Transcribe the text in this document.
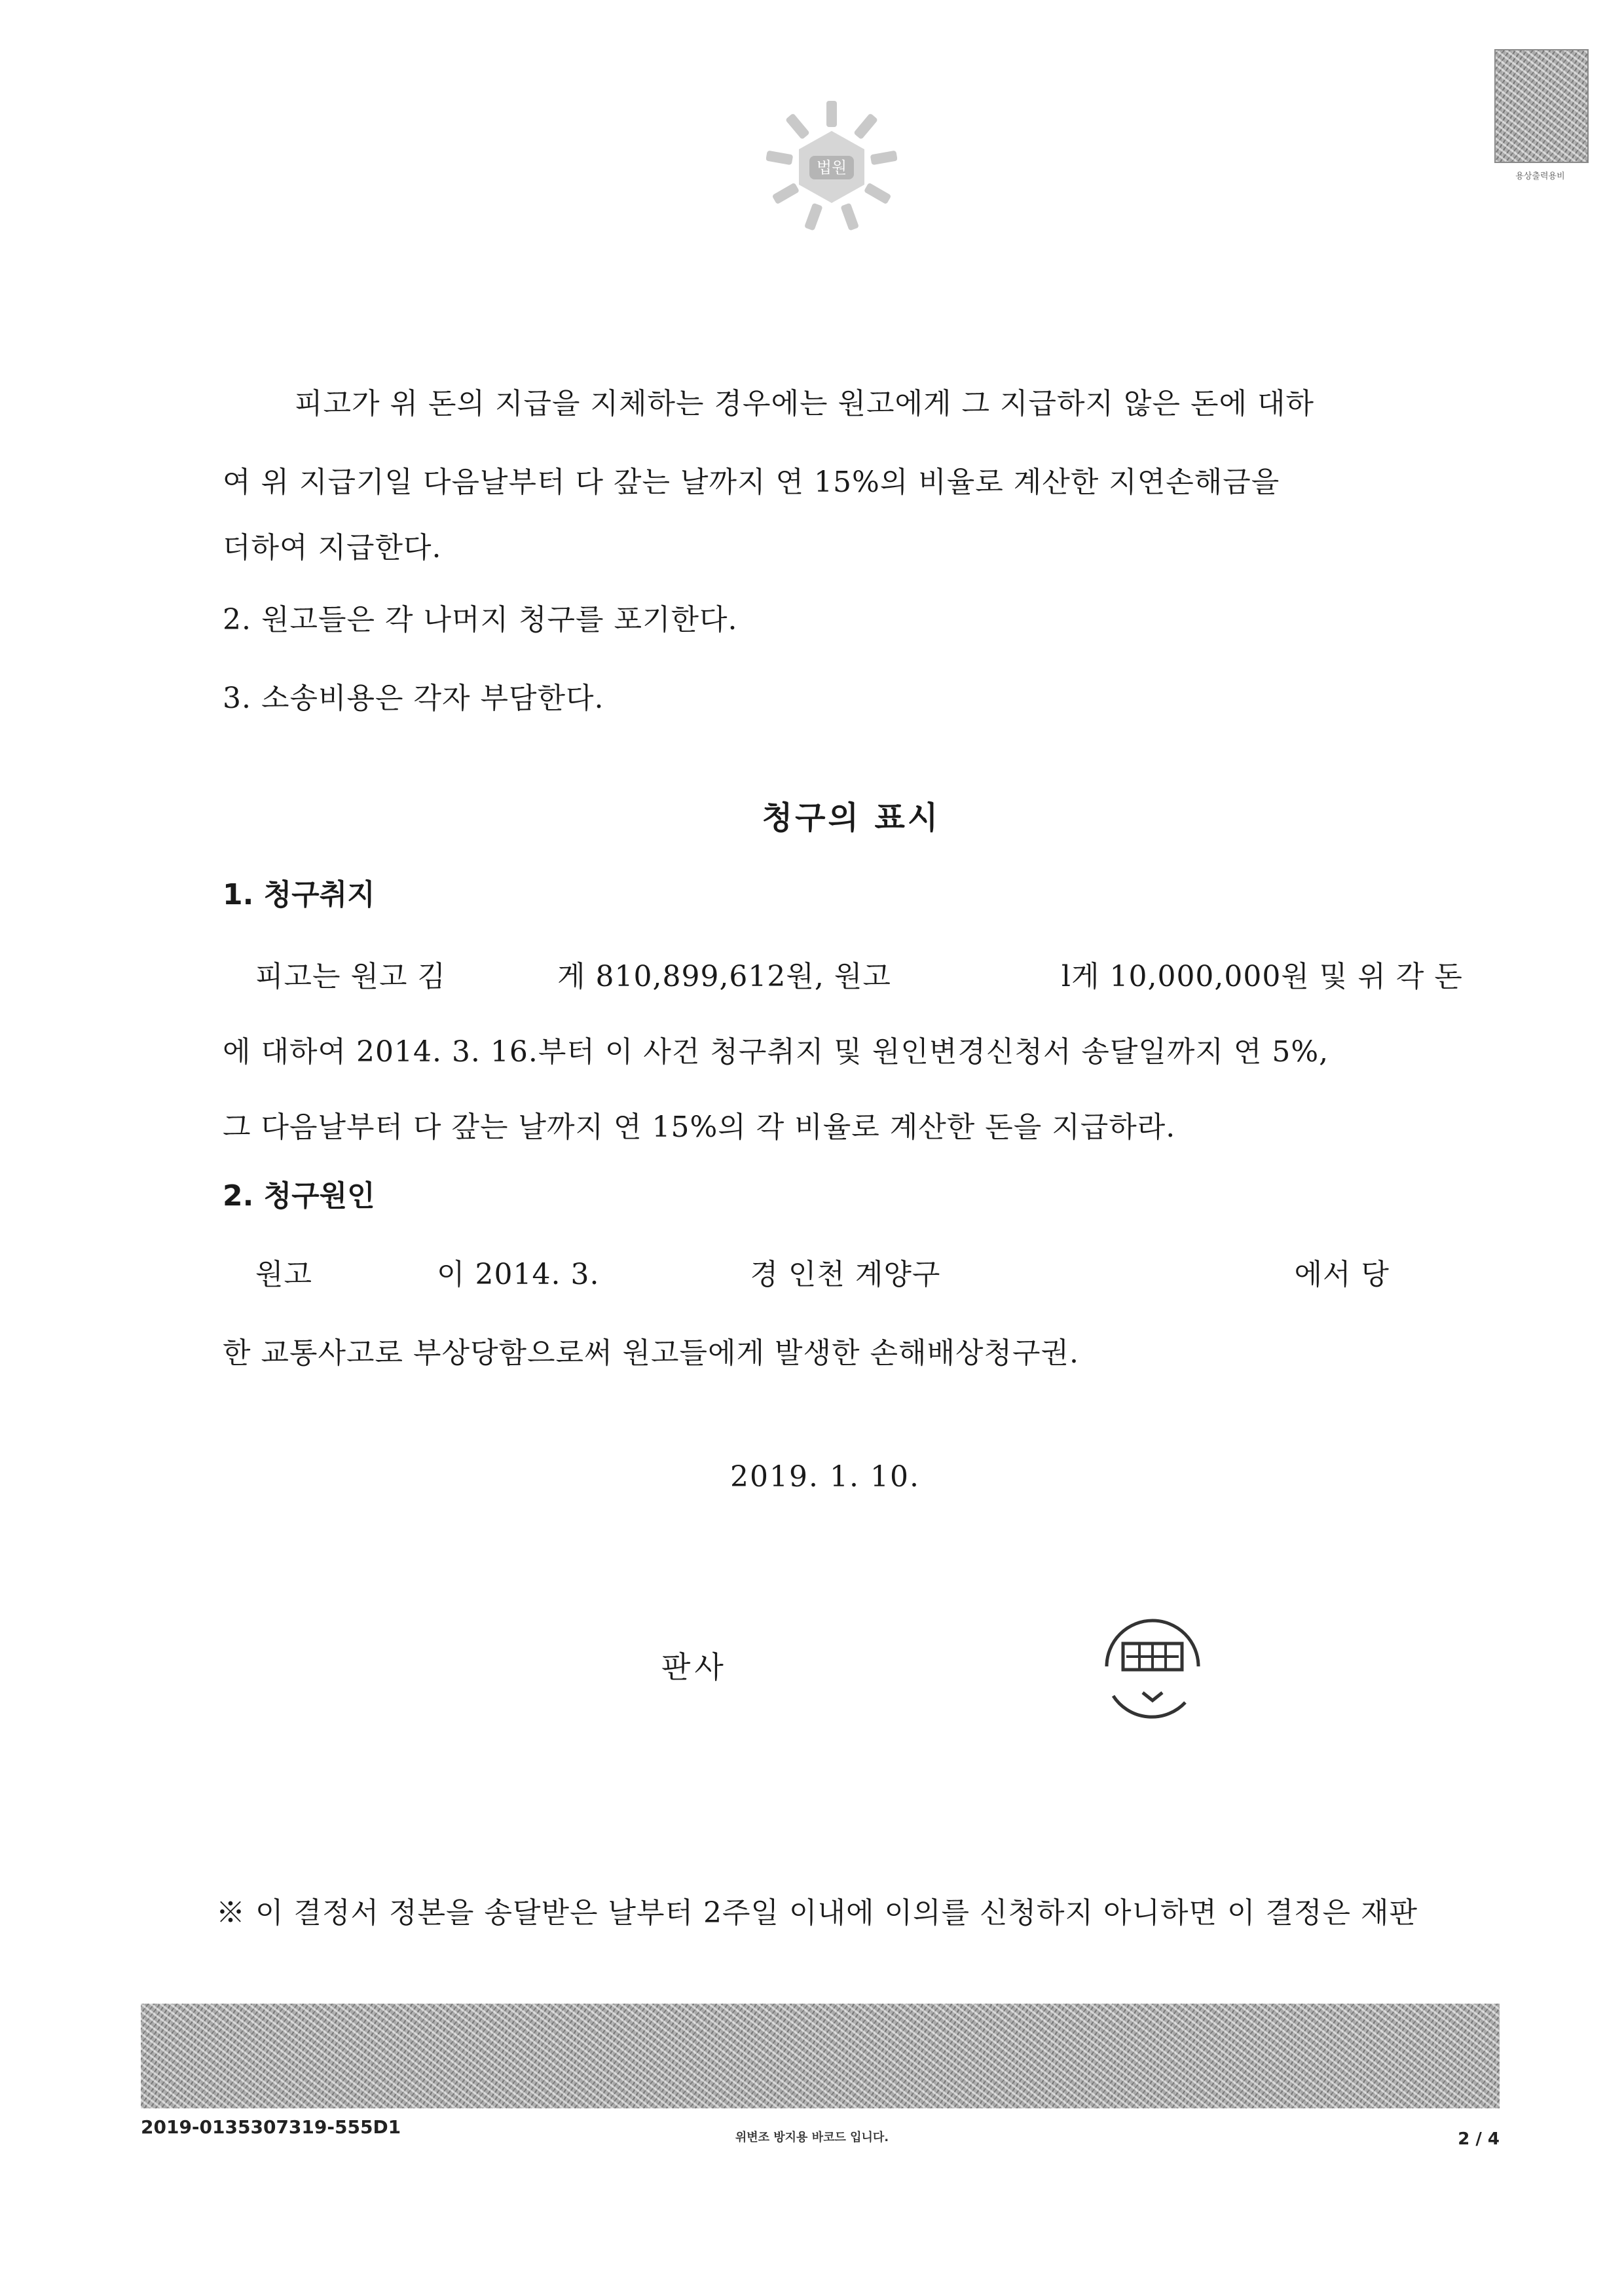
법원	용상출력용비
피고가 위 돈의 지급을 지체하는 경우에는 원고에게 그 지급하지 않은 돈에 대하
여 위 지급기일 다음날부터 다 갚는 날까지 연 15%의 비율로 계산한 지연손해금을
더하여 지급한다.
2. 원고들은 각 나머지 청구를 포기한다.
3. 소송비용은 각자 부담한다.
청구의 표시
1. 청구취지
피고는 원고 김	게 810,899,612원, 원고	l게 10,000,000원 및 위 각 돈
에 대하여 2014. 3. 16.부터 이 사건 청구취지 및 원인변경신청서 송달일까지 연 5%,
그 다음날부터 다 갚는 날까지 연 15%의 각 비율로 계산한 돈을 지급하라.
2. 청구원인
원고	이 2014. 3.	경 인천 계양구	에서 당
한 교통사고로 부상당함으로써 원고들에게 발생한 손해배상청구권.
2019. 1. 10.
판사
※ 이 결정서 정본을 송달받은 날부터 2주일 이내에 이의를 신청하지 아니하면 이 결정은 재판
2019-0135307319-555D1	위변조 방지용 바코드 입니다.	2 / 4
